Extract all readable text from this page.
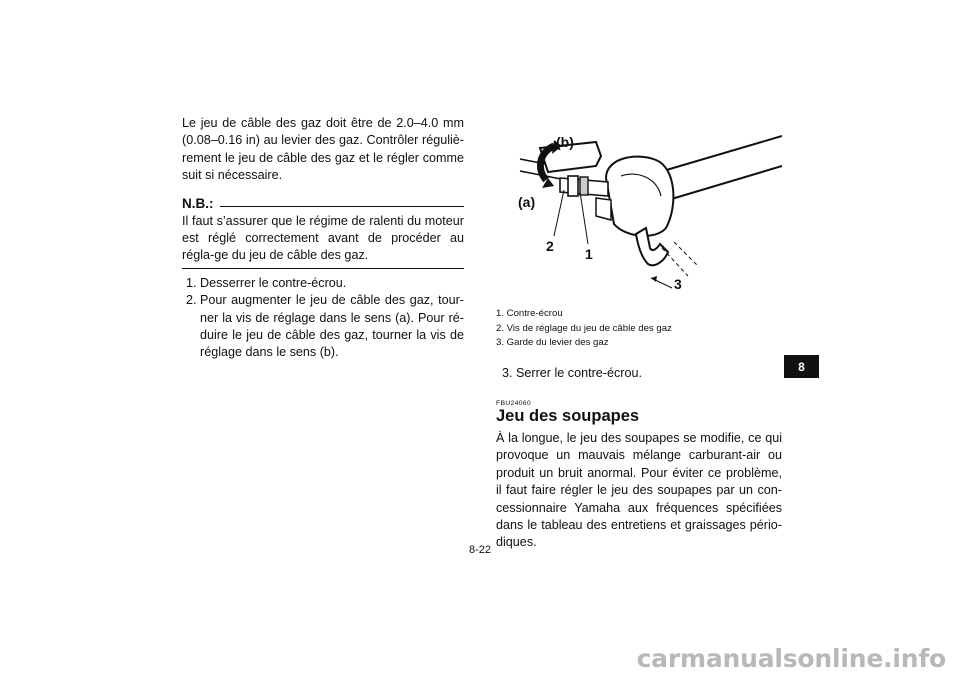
Le jeu de câble des gaz doit être de 2.0–4.0 mm (0.08–0.16 in) au levier des gaz. Contrôler réguliè-rement le jeu de câble des gaz et le régler comme suit si nécessaire.

N.B.:

Il faut s’assurer que le régime de ralenti du moteur est réglé correctement avant de procéder au régla-ge du jeu de câble des gaz.

1. Desserrer le contre-écrou.
2. Pour augmenter le jeu de câble des gaz, tour-ner la vis de réglage dans le sens (a). Pour ré-duire le jeu de câble des gaz, tourner la vis de réglage dans le sens (b).
(b)
(a)
2 1
3
1. Contre-écrou
2. Vis de réglage du jeu de câble des gaz
3. Garde du levier des gaz
3. Serrer le contre-écrou.
FBU24060
Jeu des soupapes

À la longue, le jeu des soupapes se modifie, ce qui provoque un mauvais mélange carburant-air ou produit un bruit anormal. Pour éviter ce problème, il faut faire régler le jeu des soupapes par un con-cessionnaire Yamaha aux fréquences spécifiées dans le tableau des entretiens et graissages pério-diques.

8
8-22
carmanualsonline.info
